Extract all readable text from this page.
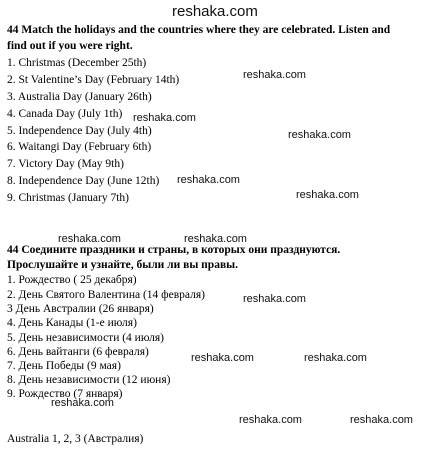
reshaka.com
44 Match the holidays and the countries where they are celebrated. Listen and
find out if you were right.
1. Christmas (December 25th)
2. St Valentine’s Day (February 14th)
3. Australia Day (January 26th)
4. Canada Day (July 1th)
5. Independence Day (July 4th)
6. Waitangi Day (February 6th)
7. Victory Day (May 9th)
8. Independence Day (June 12th)
9. Christmas (January 7th)
reshaka.com
reshaka.com
reshaka.com
reshaka.com
reshaka.com
reshaka.com	reshaka.com
44 Соедините праздники и страны, в которых они празднуются.
Прослушайте и узнайте, были ли вы правы.
1. Рождество ( 25 декабря)
2. День Святого Валентина (14 февраля)
3 День Австралии (26 января)
4. День Канады (1-е июля)
5. День независимости (4 июля)
6. День вайтанги (6 февраля)
7. День Победы (9 мая)
8. День независимости (12 июня)
9. Рождество (7 января)
reshaka.com
reshaka.com	reshaka.com
reshaka.com
reshaka.com	reshaka.com
Australia 1, 2, 3 (Австралия)
